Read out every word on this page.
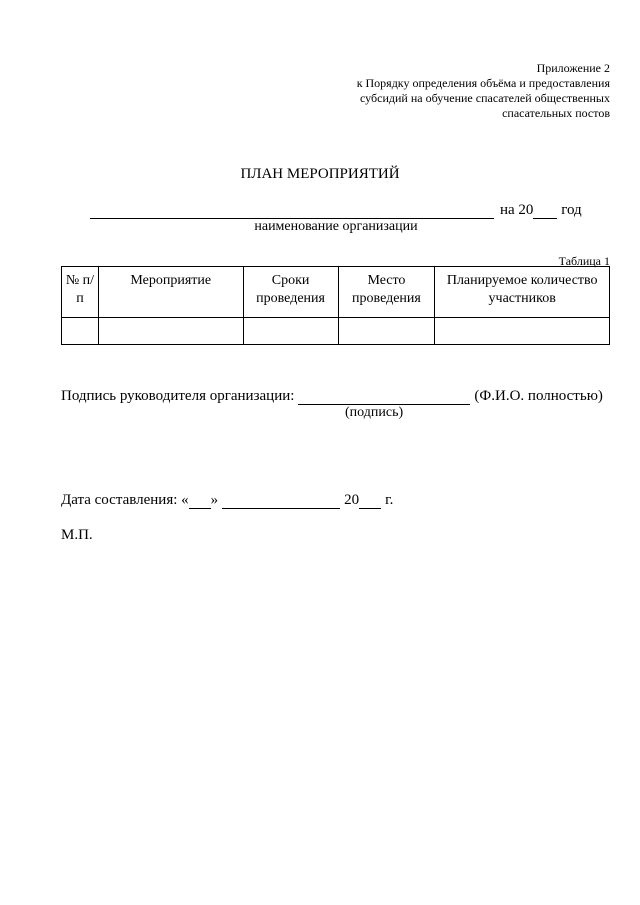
Приложение 2
к Порядку определения объёма и предоставления
субсидий на обучение спасателей общественных
спасательных постов
ПЛАН МЕРОПРИЯТИЙ
на 20 год
наименование организации
Таблица 1
№ п/п	Мероприятие	Сроки проведения	Место проведения	Планируемое количество участников

Подпись руководителя организации:	(Ф.И.О. полностью)
(подпись)
Дата составления: « »	20 г.
М.П.
